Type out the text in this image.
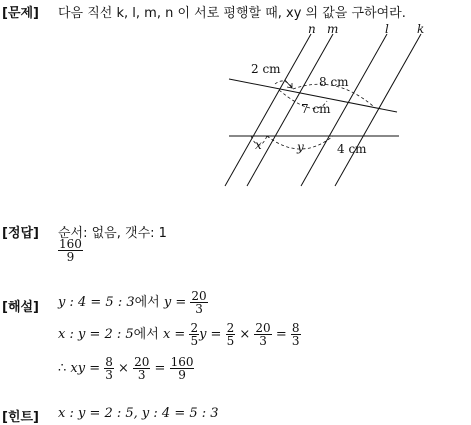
[문제] 다음 직선 k, l, m, n 이 서로 평행할 때, xy 의 값을 구하여라.
n m	l k
2 cm
8 cm
7 cm
4 cm
x	y
[정답] 순서: 없음, 갯수: 1
$\frac{160}{9}$
[해설] y : 4 = 5 : 3에서 $y = \frac{20}{3}$
x : y = 2 : 5에서 $x = \frac{2}{5}$ $y = \frac{2}{5} \times \frac{20}{3} = \frac{8}{3}$
∴ xy = $\frac{8}{3} \times \frac{20}{3} = \frac{160}{9}$
[힌트] x : y = 2 : 5, y : 4 = 5 : 3
